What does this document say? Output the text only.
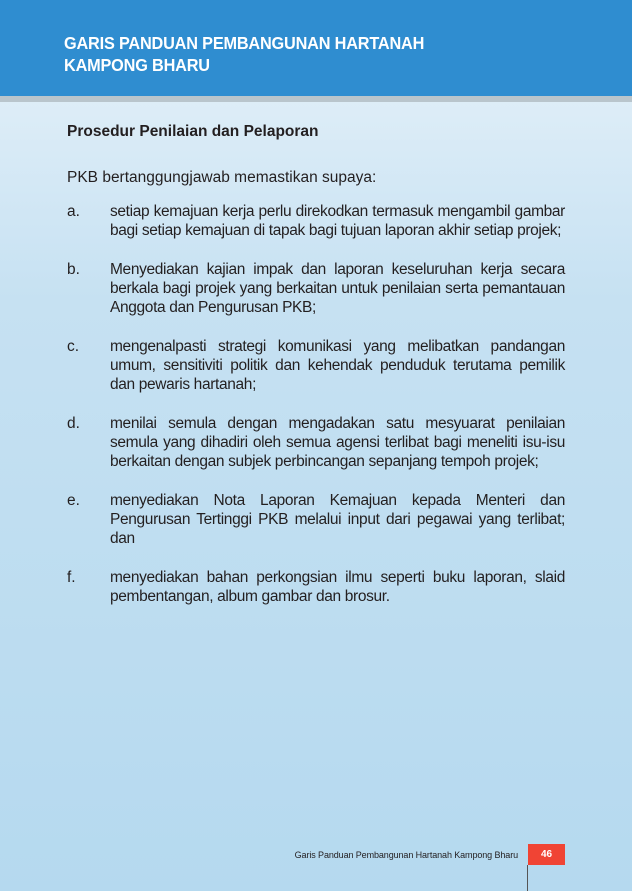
GARIS PANDUAN PEMBANGUNAN HARTANAH
KAMPONG BHARU
Prosedur Penilaian dan Pelaporan

PKB bertanggungjawab memastikan supaya:

a.	setiap kemajuan kerja perlu direkodkan termasuk mengambil gambar bagi setiap kemajuan di tapak bagi tujuan laporan akhir setiap projek;
b.	Menyediakan kajian impak dan laporan keseluruhan kerja secara berkala bagi projek yang berkaitan untuk penilaian serta pemantauan Anggota dan Pengurusan PKB;
c.	mengenalpasti strategi komunikasi yang melibatkan pandangan umum, sensitiviti politik dan kehendak penduduk terutama pemilik dan pewaris hartanah;
d.	menilai semula dengan mengadakan satu mesyuarat penilaian semula yang dihadiri oleh semua agensi terlibat bagi meneliti isu-isu berkaitan dengan subjek perbincangan sepanjang tempoh projek;
e.	menyediakan Nota Laporan Kemajuan kepada Menteri dan Pengurusan Tertinggi PKB melalui input dari pegawai yang terlibat; dan
f.	menyediakan bahan perkongsian ilmu seperti buku laporan, slaid pembentangan, album gambar dan brosur.
Garis Panduan Pembangunan Hartanah Kampong Bharu	46
